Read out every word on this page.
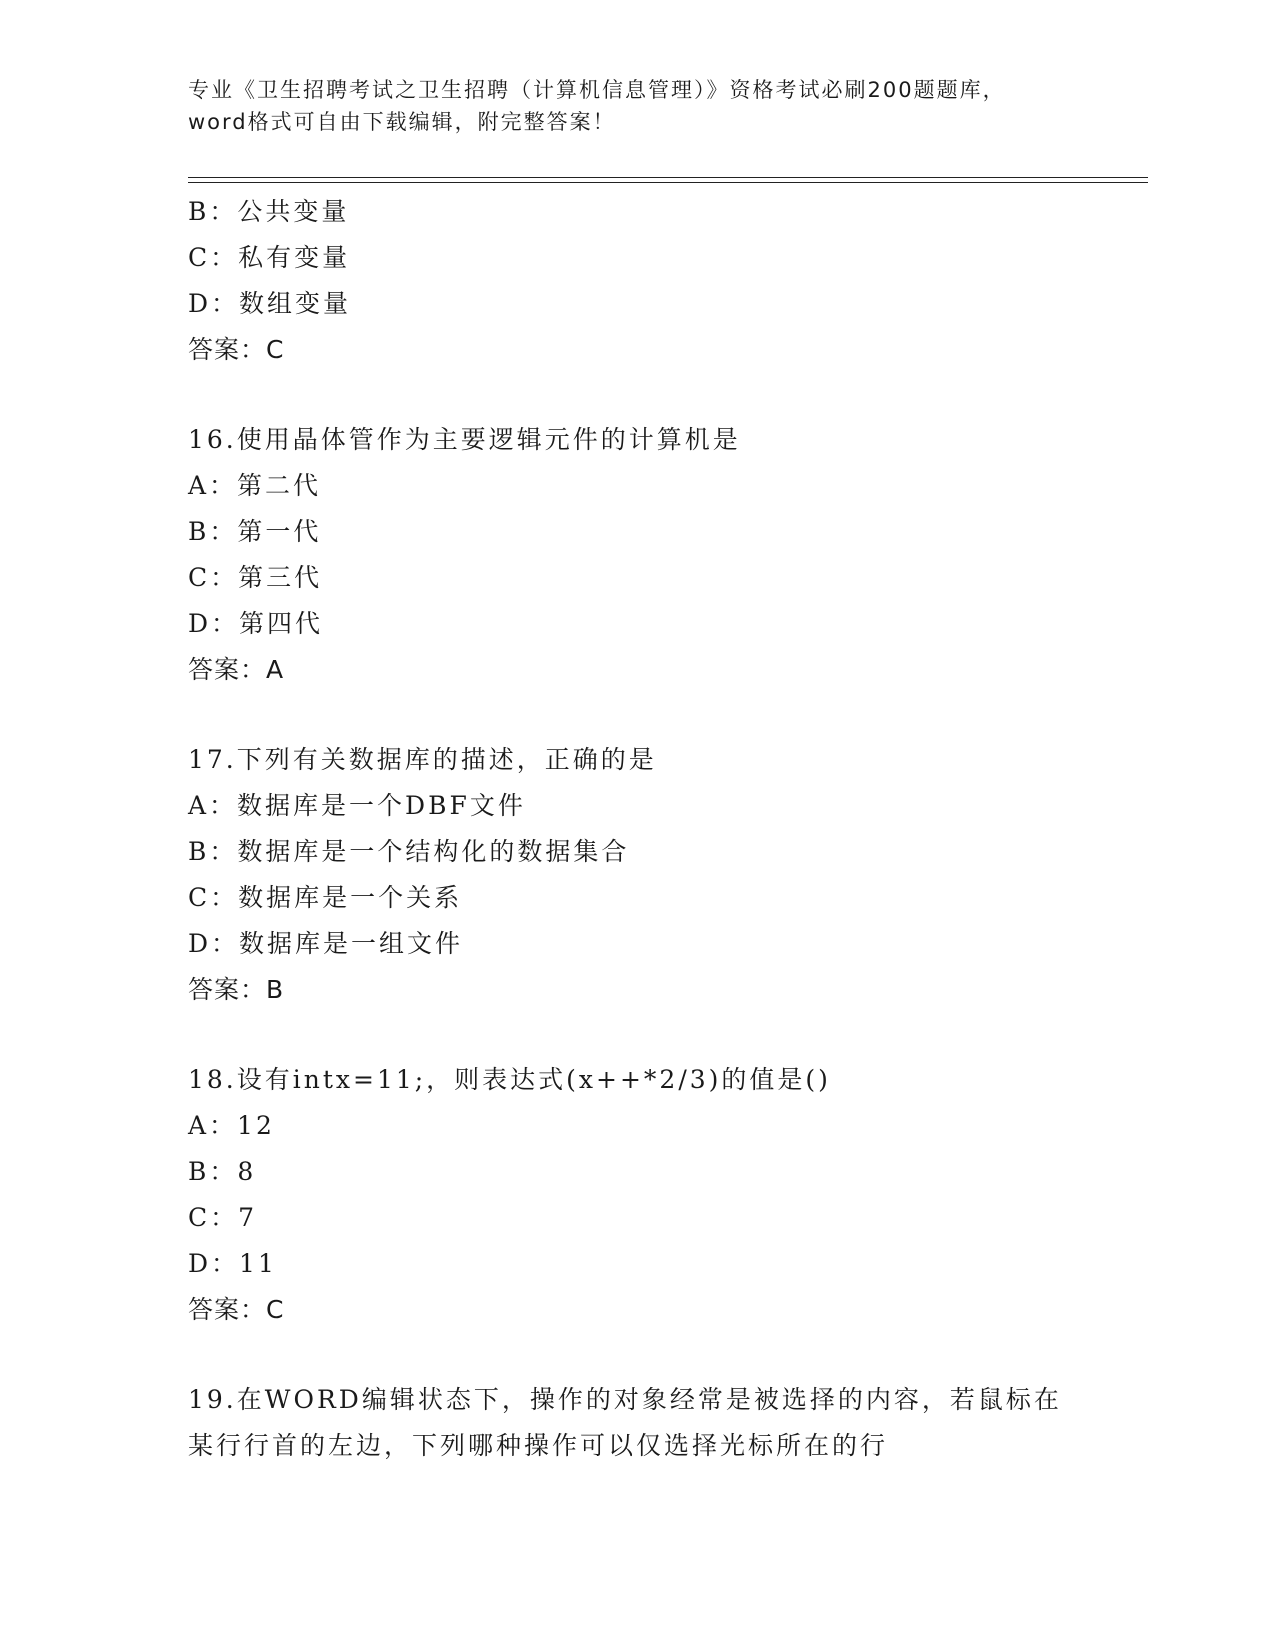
专业《卫生招聘考试之卫生招聘（计算机信息管理）》资格考试必刷200题题库，
word格式可自由下载编辑，附完整答案！
B：公共变量
C：私有变量
D：数组变量
答案：C
16.使用晶体管作为主要逻辑元件的计算机是
A：第二代
B：第一代
C：第三代
D：第四代
答案：A
17.下列有关数据库的描述，正确的是
A：数据库是一个DBF文件
B：数据库是一个结构化的数据集合
C：数据库是一个关系
D：数据库是一组文件
答案：B
18.设有intx=11;，则表达式(x++*2/3)的值是()
A：12
B：8
C：7
D：11
答案：C
19.在WORD编辑状态下，操作的对象经常是被选择的内容，若鼠标在某行行首的左边，下列哪种操作可以仅选择光标所在的行
